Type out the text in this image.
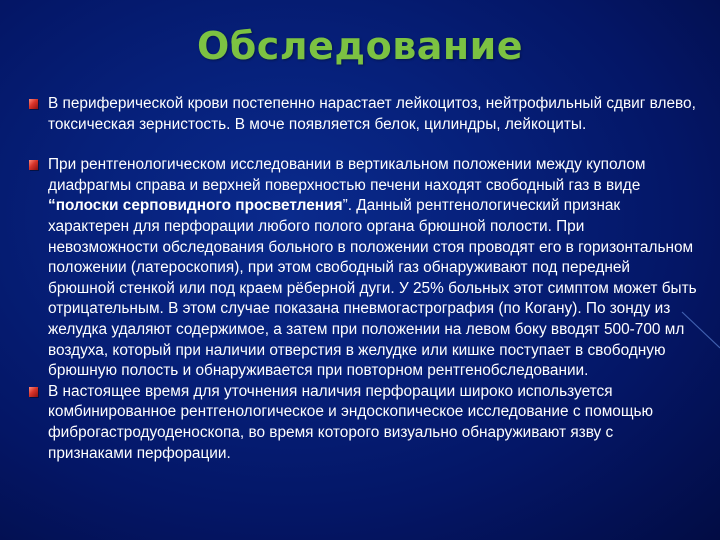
Обследование
В периферической крови постепенно нарастает лейкоцитоз, нейтрофильный сдвиг влево, токсическая зернистость. В моче появляется белок, цилиндры, лейкоциты.
При рентгенологическом исследовании в вертикальном положении между куполом диафрагмы справа и верхней поверхностью печени находят свободный газ в виде “полоски серповидного просветления”. Данный рентгенологический признак характерен для перфорации любого полого органа брюшной полости. При невозможности обследования больного в положении стоя проводят его в горизонтальном положении (латероскопия), при этом свободный газ обнаруживают под передней брюшной стенкой или под краем рёберной дуги. У 25% больных этот симптом может быть отрицательным. В этом случае показана пневмогастрография (по Когану). По зонду из желудка удаляют содержимое, а затем при положении на левом боку вводят 500-700 мл воздуха, который при наличии отверстия в желудке или кишке поступает в свободную брюшную полость и обнаруживается при повторном рентгенобследовании.
В настоящее время для уточнения наличия перфорации широко используется комбинированное рентгенологическое и эндоскопическое исследование с помощью фиброгастродуоденоскопа, во время которого визуально обнаруживают язву с признаками перфорации.
